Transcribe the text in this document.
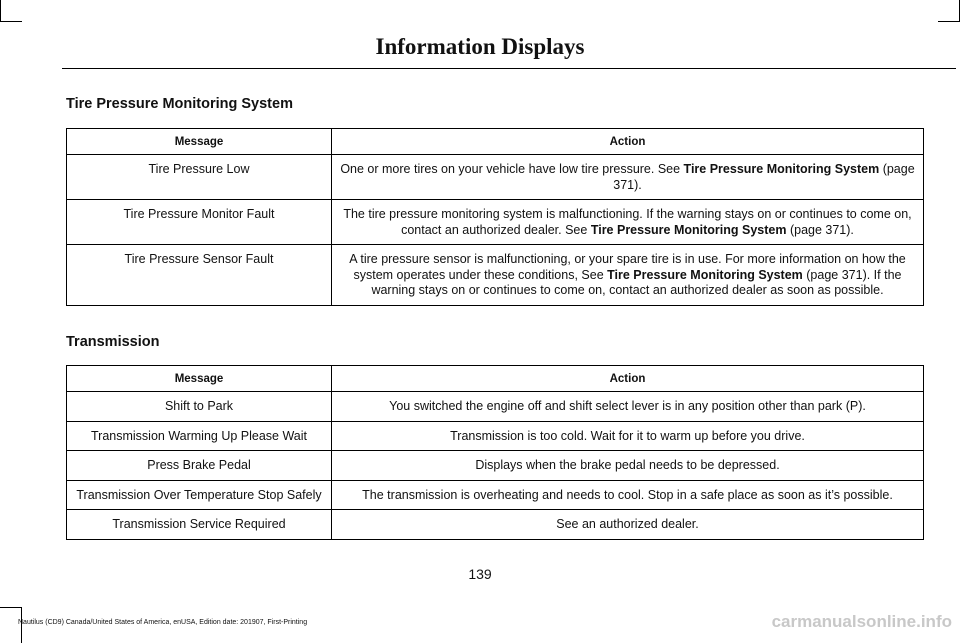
Information Displays
Tire Pressure Monitoring System
Message	Action
Tire Pressure Low	One or more tires on your vehicle have low tire pressure. See Tire Pressure Monitoring System (page 371).
Tire Pressure Monitor Fault	The tire pressure monitoring system is malfunctioning. If the warning stays on or continues to come on, contact an authorized dealer. See Tire Pressure Monitoring System (page 371).
Tire Pressure Sensor Fault	A tire pressure sensor is malfunctioning, or your spare tire is in use. For more information on how the system operates under these conditions, See Tire Pressure Monitoring System (page 371). If the warning stays on or continues to come on, contact an authorized dealer as soon as possible.
Transmission
Message	Action
Shift to Park	You switched the engine off and shift select lever is in any position other than park (P).
Transmission Warming Up Please Wait	Transmission is too cold. Wait for it to warm up before you drive.
Press Brake Pedal	Displays when the brake pedal needs to be depressed.
Transmission Over Temperature Stop Safely	The transmission is overheating and needs to cool. Stop in a safe place as soon as it’s possible.
Transmission Service Required	See an authorized dealer.
139
Nautilus (CD9) Canada/United States of America, enUSA, Edition date: 201907, First-Printing	carmanualsonline.info
